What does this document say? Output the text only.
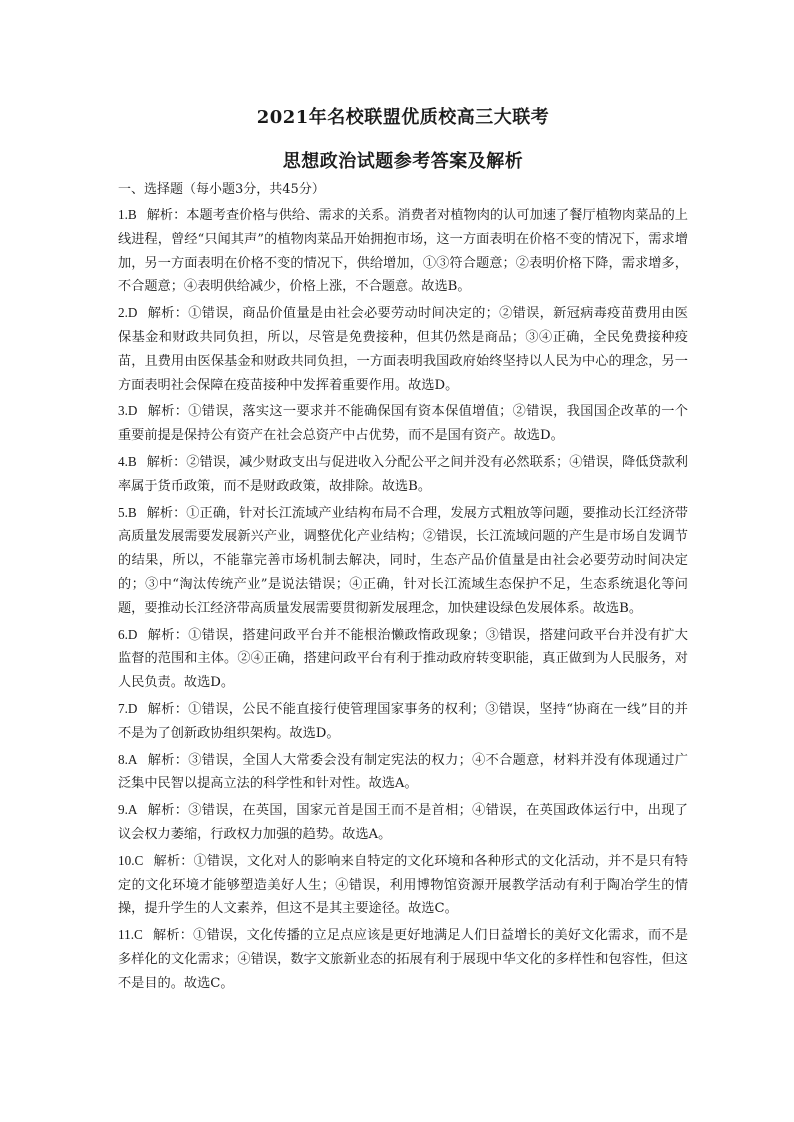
2021年名校联盟优质校高三大联考
思想政治试题参考答案及解析
一、选择题（每小题3分，共45分）
1.B 解析：本题考查价格与供给、需求的关系。消费者对植物肉的认可加速了餐厅植物肉菜品的上线进程，曾经“只闻其声”的植物肉菜品开始拥抱市场，这一方面表明在价格不变的情况下，需求增加，另一方面表明在价格不变的情况下，供给增加，①③符合题意；②表明价格下降，需求增多，不合题意；④表明供给减少，价格上涨，不合题意。故选B。
2.D 解析：①错误，商品价值量是由社会必要劳动时间决定的；②错误，新冠病毒疫苗费用由医保基金和财政共同负担，所以，尽管是免费接种，但其仍然是商品；③④正确，全民免费接种疫苗，且费用由医保基金和财政共同负担，一方面表明我国政府始终坚持以人民为中心的理念，另一方面表明社会保障在疫苗接种中发挥着重要作用。故选D。
3.D 解析：①错误，落实这一要求并不能确保国有资本保值增值；②错误，我国国企改革的一个重要前提是保持公有资产在社会总资产中占优势，而不是国有资产。故选D。
4.B 解析：②错误，减少财政支出与促进收入分配公平之间并没有必然联系；④错误，降低贷款利率属于货币政策，而不是财政政策，故排除。故选B。
5.B 解析：①正确，针对长江流域产业结构布局不合理，发展方式粗放等问题，要推动长江经济带高质量发展需要发展新兴产业，调整优化产业结构；②错误，长江流域问题的产生是市场自发调节的结果，所以，不能靠完善市场机制去解决，同时，生态产品价值量是由社会必要劳动时间决定的；③中“淘汰传统产业”是说法错误；④正确，针对长江流域生态保护不足，生态系统退化等问题，要推动长江经济带高质量发展需要贯彻新发展理念，加快建设绿色发展体系。故选B。
6.D 解析：①错误，搭建问政平台并不能根治懒政惰政现象；③错误，搭建问政平台并没有扩大监督的范围和主体。②④正确，搭建问政平台有利于推动政府转变职能，真正做到为人民服务，对人民负责。故选D。
7.D 解析：①错误，公民不能直接行使管理国家事务的权利；③错误，坚持“协商在一线”目的并不是为了创新政协组织架构。故选D。
8.A 解析：③错误，全国人大常委会没有制定宪法的权力；④不合题意，材料并没有体现通过广泛集中民智以提高立法的科学性和针对性。故选A。
9.A 解析：③错误，在英国，国家元首是国王而不是首相；④错误，在英国政体运行中，出现了议会权力萎缩，行政权力加强的趋势。故选A。
10.C 解析：①错误，文化对人的影响来自特定的文化环境和各种形式的文化活动，并不是只有特定的文化环境才能够塑造美好人生；④错误，利用博物馆资源开展教学活动有利于陶冶学生的情操，提升学生的人文素养，但这不是其主要途径。故选C。
11.C 解析：①错误，文化传播的立足点应该是更好地满足人们日益增长的美好文化需求，而不是多样化的文化需求；④错误，数字文旅新业态的拓展有利于展现中华文化的多样性和包容性，但这不是目的。故选C。
